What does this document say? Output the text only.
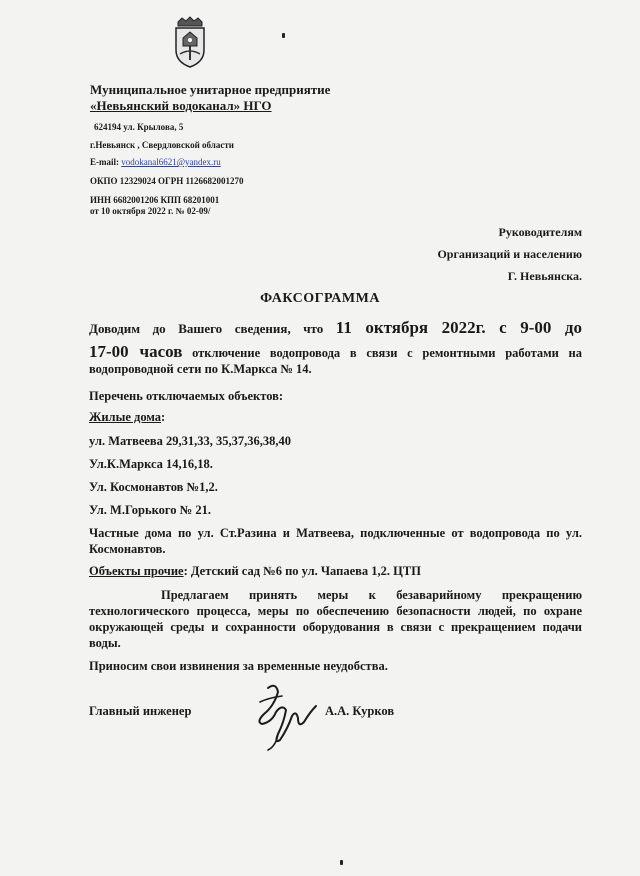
Муниципальное унитарное предприятие
«Невьянский водоканал» НГО
624194 ул. Крылова, 5
г.Невьянск , Свердловской области
E-mail: vodokanal6621@yandex.ru
ОКПО 12329024 ОГРН 1126682001270
ИНН 6682001206 КПП 68201001
от 10 октября 2022 г. № 02-09/
Руководителям
Организаций и населению
Г. Невьянска.
ФАКСОГРАММА
Доводим до Вашего сведения, что 11 октября 2022г. с 9-00 до
17-00 часов отключение водопровода в связи с ремонтными работами на водопроводной сети по К.Маркса № 14.
Перечень отключаемых объектов:
Жилые дома:
ул. Матвеева 29,31,33, 35,37,36,38,40
Ул.К.Маркса 14,16,18.
Ул. Космонавтов №1,2.
Ул. М.Горького № 21.
Частные дома по ул. Ст.Разина и Матвеева, подключенные от водопровода по ул. Космонавтов.
Объекты прочие: Детский сад №6 по ул. Чапаева 1,2. ЦТП
Предлагаем принять меры к безаварийному прекращению технологического процесса, меры по обеспечению безопасности людей, по охране окружающей среды и сохранности оборудования в связи с прекращением подачи воды.
Приносим свои извинения за временные неудобства.
Главный инженер	А.А. Курков
